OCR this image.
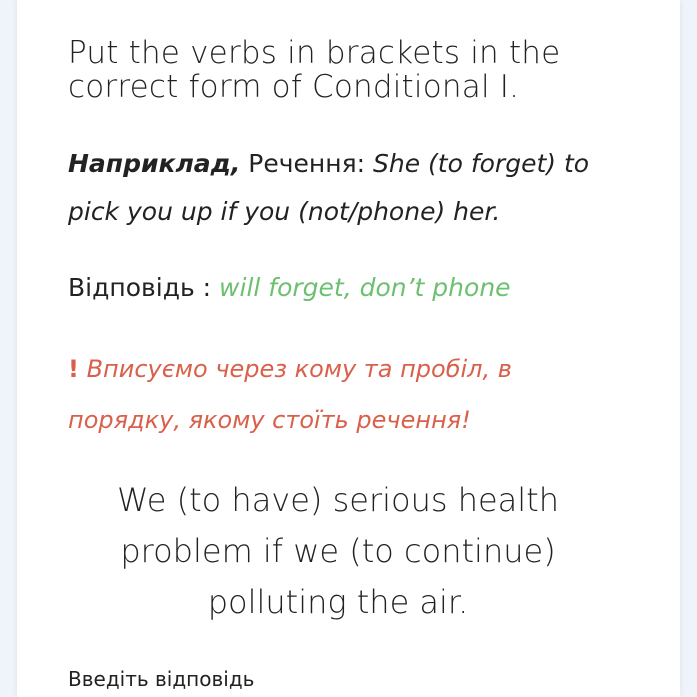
Put the verbs in brackets in the correct form of Conditional I.
Наприклад, Речення: She (to forget) to pick you up if you (not/phone) her.
Відповідь : will forget, don’t phone
! Вписуємо через кому та пробіл, в порядку, якому стоїть речення!
We (to have) serious health problem if we (to continue) polluting the air.
Введіть відповідь
